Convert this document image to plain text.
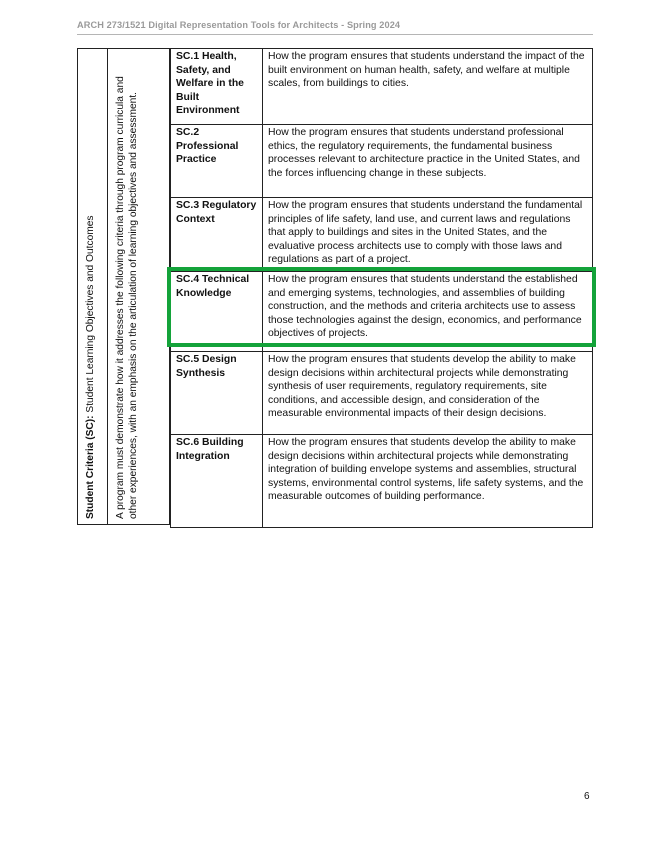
ARCH 273/1521 Digital Representation Tools for Architects - Spring 2024
Student Criteria (SC): Student Learning Objectives and Outcomes A program must demonstrate how it addresses the following criteria through program curricula and other experiences, with an emphasis on the articulation of learning objectives and assessment.
SC.1 Health, Safety, and Welfare in the Built Environment	How the program ensures that students understand the impact of the built environment on human health, safety, and welfare at multiple scales, from buildings to cities.
SC.2 Professional Practice	How the program ensures that students understand professional ethics, the regulatory requirements, the fundamental business processes relevant to architecture practice in the United States, and the forces influencing change in these subjects.
SC.3 Regulatory Context	How the program ensures that students understand the fundamental principles of life safety, land use, and current laws and regulations that apply to buildings and sites in the United States, and the evaluative process architects use to comply with those laws and regulations as part of a project.
SC.4 Technical Knowledge	How the program ensures that students understand the established and emerging systems, technologies, and assemblies of building construction, and the methods and criteria architects use to assess those technologies against the design, economics, and performance objectives of projects.
SC.5 Design Synthesis	How the program ensures that students develop the ability to make design decisions within architectural projects while demonstrating synthesis of user requirements, regulatory requirements, site conditions, and accessible design, and consideration of the measurable environmental impacts of their design decisions.
SC.6 Building Integration	How the program ensures that students develop the ability to make design decisions within architectural projects while demonstrating integration of building envelope systems and assemblies, structural systems, environmental control systems, life safety systems, and the measurable outcomes of building performance.
6
